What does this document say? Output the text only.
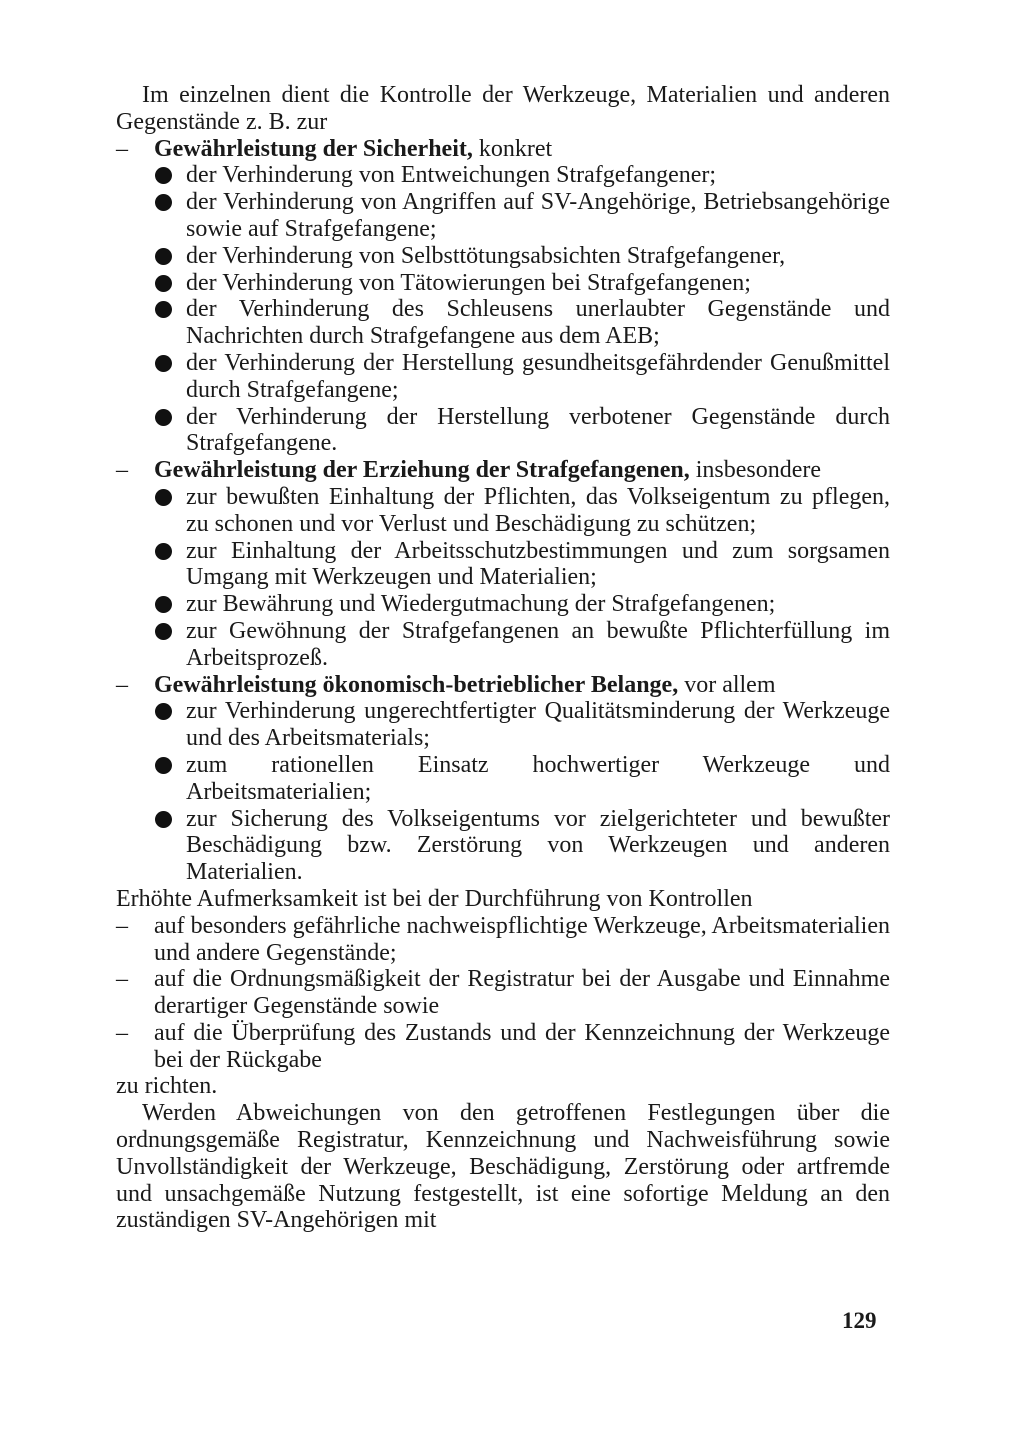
Im einzelnen dient die Kontrolle der Werkzeuge, Materialien und anderen Gegenstände z. B. zur

– Gewährleistung der Sicherheit, konkret
der Verhinderung von Entweichungen Strafgefangener;
der Verhinderung von Angriffen auf SV-Angehörige, Betriebsangehörige sowie auf Strafgefangene;
der Verhinderung von Selbsttötungsabsichten Strafgefangener,
der Verhinderung von Tätowierungen bei Strafgefangenen;
der Verhinderung des Schleusens unerlaubter Gegenstände und Nachrichten durch Strafgefangene aus dem AEB;
der Verhinderung der Herstellung gesundheitsgefährdender Genußmittel durch Strafgefangene;
der Verhinderung der Herstellung verbotener Gegenstände durch Strafgefangene.
– Gewährleistung der Erziehung der Strafgefangenen, insbesondere
zur bewußten Einhaltung der Pflichten, das Volkseigentum zu pflegen, zu schonen und vor Verlust und Beschädigung zu schützen;
zur Einhaltung der Arbeitsschutzbestimmungen und zum sorgsamen Umgang mit Werkzeugen und Materialien;
zur Bewährung und Wiedergutmachung der Strafgefangenen;
zur Gewöhnung der Strafgefangenen an bewußte Pflichterfüllung im Arbeitsprozeß.
– Gewährleistung ökonomisch-betrieblicher Belange, vor allem
zur Verhinderung ungerechtfertigter Qualitätsminderung der Werkzeuge und des Arbeitsmaterials;
zum rationellen Einsatz hochwertiger Werkzeuge und Arbeitsmaterialien;
zur Sicherung des Volkseigentums vor zielgerichteter und bewußter Beschädigung bzw. Zerstörung von Werkzeugen und anderen Materialien.

Erhöhte Aufmerksamkeit ist bei der Durchführung von Kontrollen

– auf besonders gefährliche nachweispflichtige Werkzeuge, Arbeitsmaterialien und andere Gegenstände;
– auf die Ordnungsmäßigkeit der Registratur bei der Ausgabe und Einnahme derartiger Gegenstände sowie
– auf die Überprüfung des Zustands und der Kennzeichnung der Werkzeuge bei der Rückgabe

zu richten.

Werden Abweichungen von den getroffenen Festlegungen über die ordnungsgemäße Registratur, Kennzeichnung und Nachweisführung sowie Unvollständigkeit der Werkzeuge, Beschädigung, Zerstörung oder artfremde und unsachgemäße Nutzung festgestellt, ist eine sofortige Meldung an den zuständigen SV-Angehörigen mit

129
